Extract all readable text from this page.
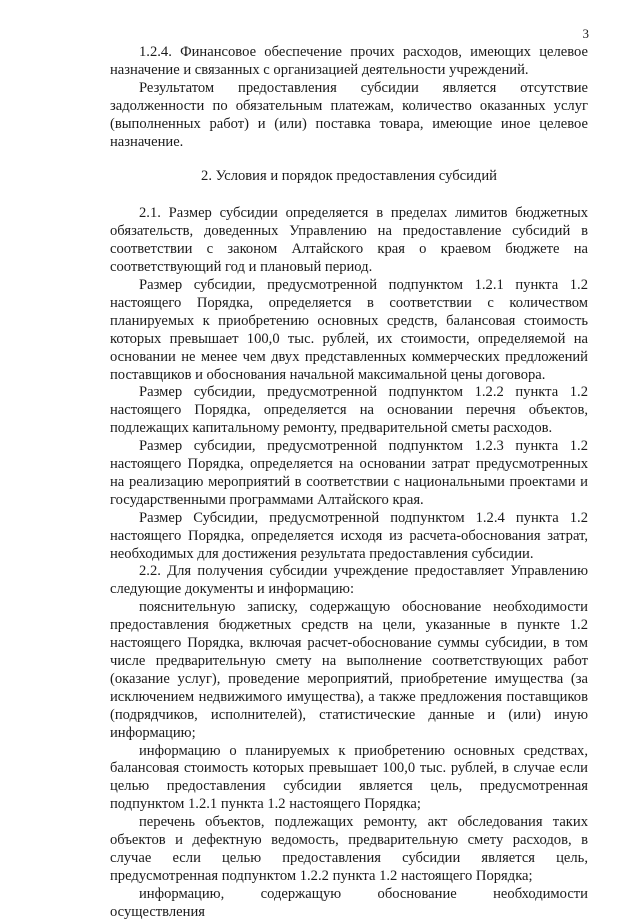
3

1.2.4. Финансовое обеспечение прочих расходов, имеющих целевое назначение и связанных с организацией деятельности учреждений.

Результатом предоставления субсидии является отсутствие задолженности по обязательным платежам, количество оказанных услуг (выполненных работ) и (или) поставка товара, имеющие иное целевое назначение.

2. Условия и порядок предоставления субсидий

2.1. Размер субсидии определяется в пределах лимитов бюджетных обязательств, доведенных Управлению на предоставление субсидий в соответствии с законом Алтайского края о краевом бюджете на соответствующий год и плановый период.

Размер субсидии, предусмотренной подпунктом 1.2.1 пункта 1.2 настоящего Порядка, определяется в соответствии с количеством планируемых к приобретению основных средств, балансовая стоимость которых превышает 100,0 тыс. рублей, их стоимости, определяемой на основании не менее чем двух представленных коммерческих предложений поставщиков и обоснования начальной максимальной цены договора.

Размер субсидии, предусмотренной подпунктом 1.2.2 пункта 1.2 настоящего Порядка, определяется на основании перечня объектов, подлежащих капитальному ремонту, предварительной сметы расходов.

Размер субсидии, предусмотренной подпунктом 1.2.3 пункта 1.2 настоящего Порядка, определяется на основании затрат предусмотренных на реализацию мероприятий в соответствии с национальными проектами и государственными программами Алтайского края.

Размер Субсидии, предусмотренной подпунктом 1.2.4 пункта 1.2 настоящего Порядка, определяется исходя из расчета-обоснования затрат, необходимых для достижения результата предоставления субсидии.

2.2. Для получения субсидии учреждение предоставляет Управлению следующие документы и информацию:

пояснительную записку, содержащую обоснование необходимости предоставления бюджетных средств на цели, указанные в пункте 1.2 настоящего Порядка, включая расчет-обоснование суммы субсидии, в том числе предварительную смету на выполнение соответствующих работ (оказание услуг), проведение мероприятий, приобретение имущества (за исключением недвижимого имущества), а также предложения поставщиков (подрядчиков, исполнителей), статистические данные и (или) иную информацию;

информацию о планируемых к приобретению основных средствах, балансовая стоимость которых превышает 100,0 тыс. рублей, в случае если целью предоставления субсидии является цель, предусмотренная подпунктом 1.2.1 пункта 1.2 настоящего Порядка;

перечень объектов, подлежащих ремонту, акт обследования таких объектов и дефектную ведомость, предварительную смету расходов, в случае если целью предоставления субсидии является цель, предусмотренная подпунктом 1.2.2 пункта 1.2 настоящего Порядка;

информацию, содержащую обоснование необходимости осуществления
